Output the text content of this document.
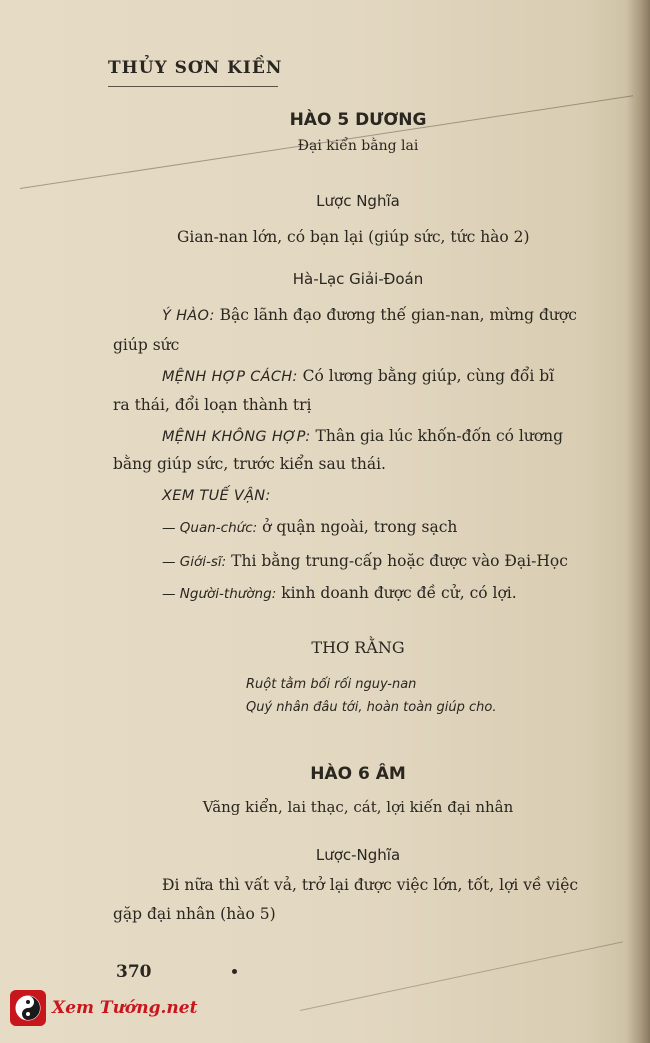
THỦY SƠN KIỀN
HÀO 5 DƯƠNG
Đại kiển bằng lai
Lược Nghĩa
Gian-nan lớn, có bạn lại (giúp sức, tức hào 2)
Hà-Lạc Giải-Đoán
Ý HÀO: Bậc lãnh đạo đương thế gian-nan, mừng được
giúp sức
MỆNH HỢP CÁCH: Có lương bằng giúp, cùng đổi bĩ
ra thái, đổi loạn thành trị
MỆNH KHÔNG HỢP: Thân gia lúc khốn-đốn có lương
bằng giúp sức, trước kiển sau thái.
XEM TUẾ VẬN:
— Quan-chức: ở quận ngoài, trong sạch
— Giới-sĩ: Thi bằng trung-cấp hoặc được vào Đại-Học
— Người-thường: kinh doanh được đề cử, có lợi.
THƠ RẰNG
Ruột tằm bối rối nguy-nan
Quý nhân đâu tới, hoàn toàn giúp cho.
HÀO 6 ÂM
Vãng kiển, lai thạc, cát, lợi kiến đại nhân
Lược-Nghĩa
Đi nữa thì vất vả, trở lại được việc lớn, tốt, lợi về việc
gặp đại nhân (hào 5)
370
Xem Tướng.net
